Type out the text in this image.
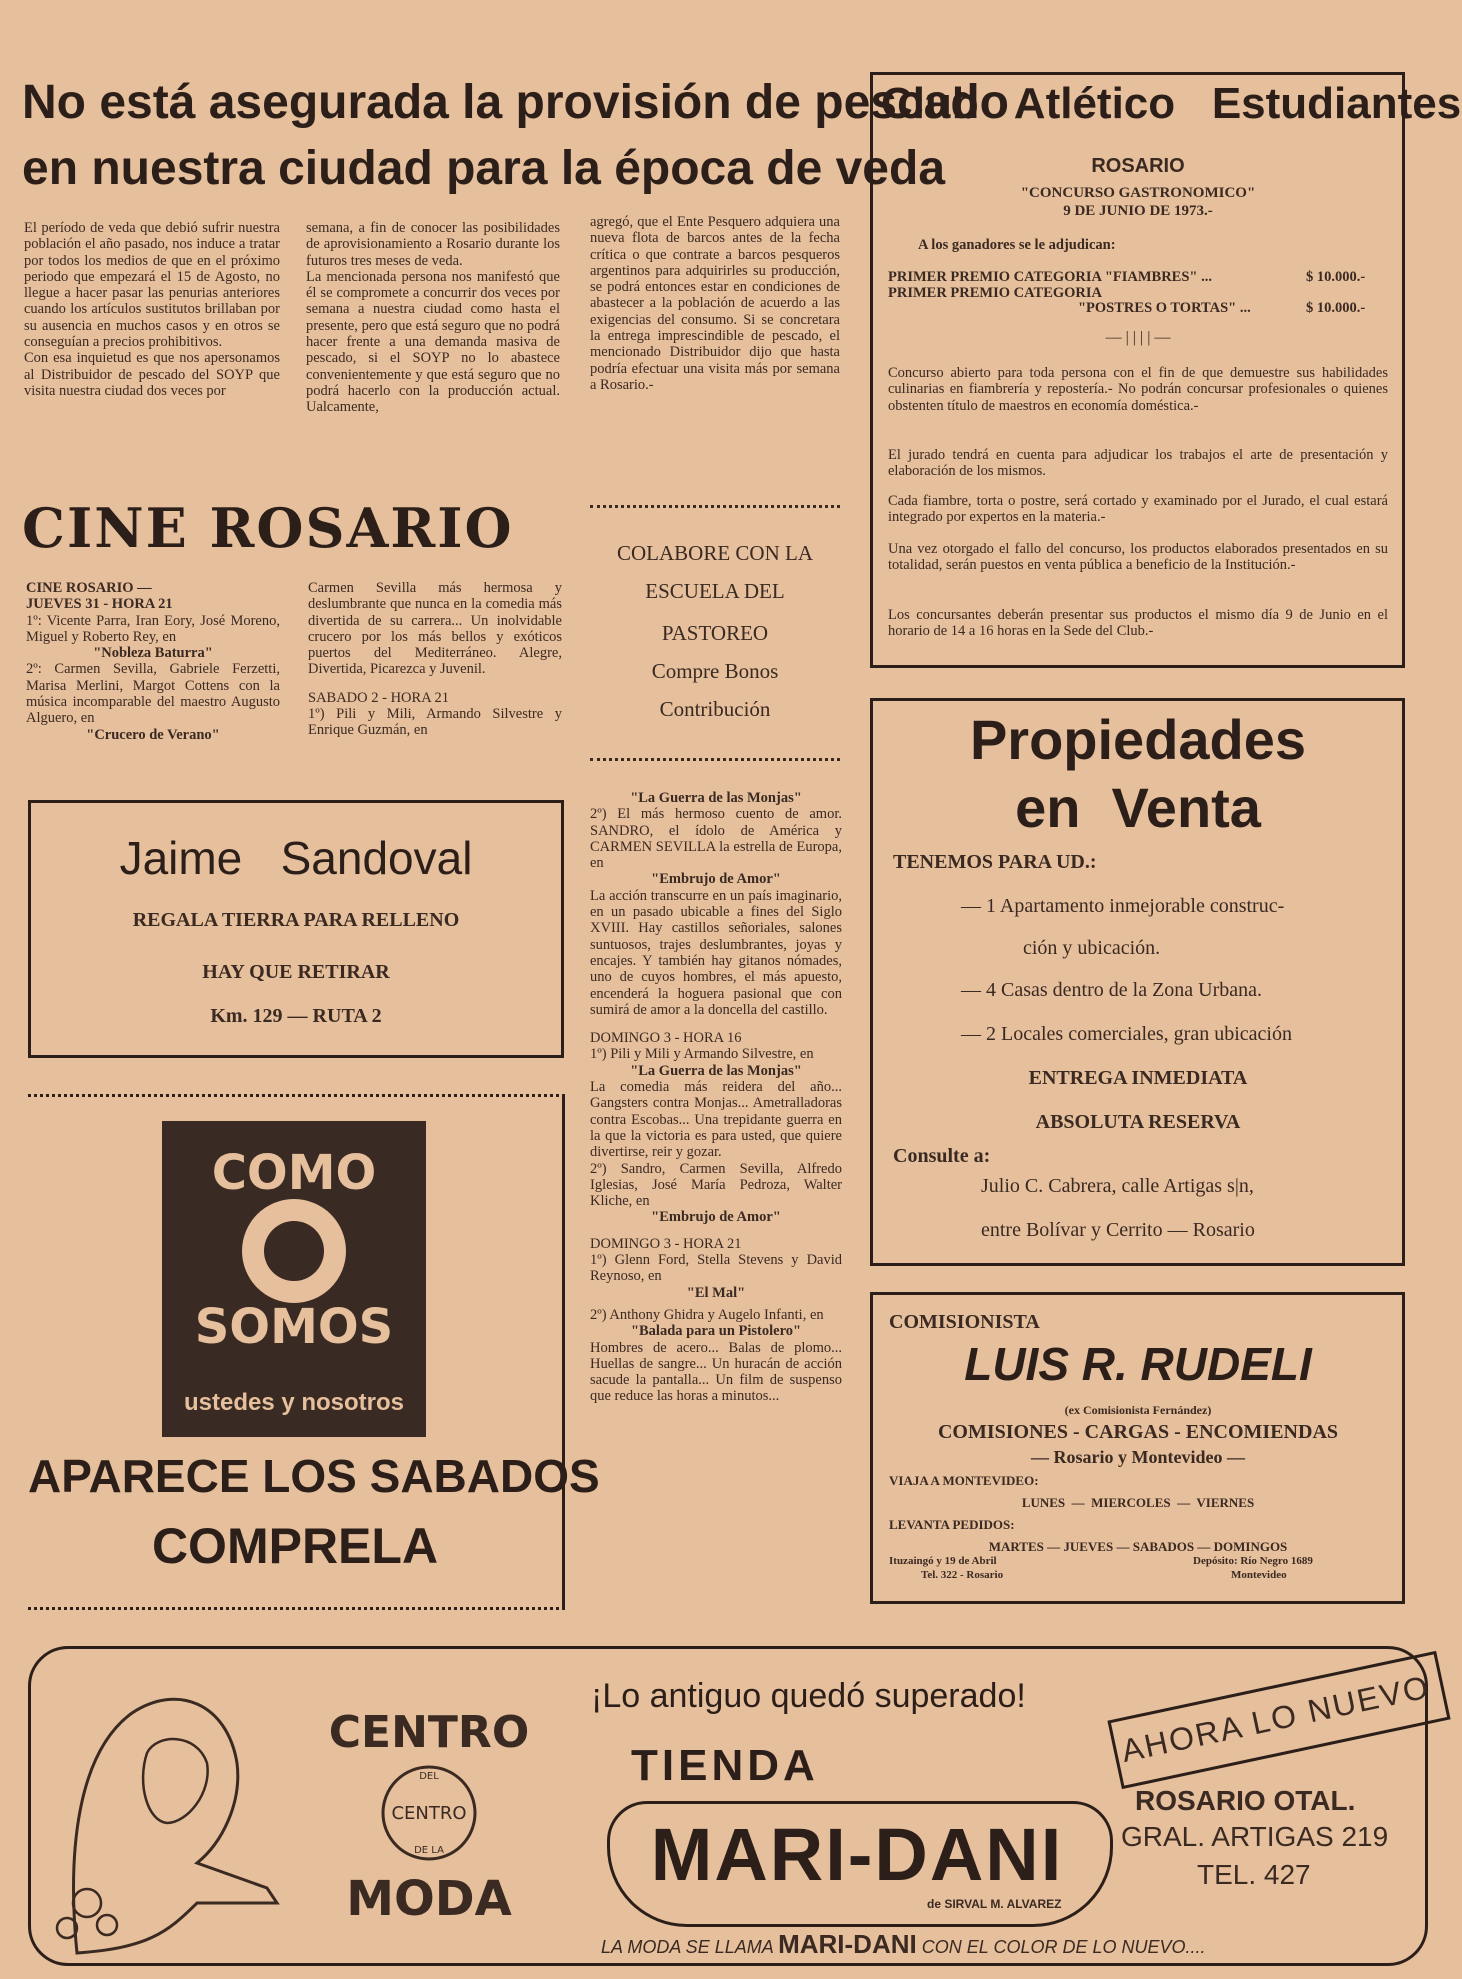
No está asegurada la provisión de pescado
en nuestra ciudad para la época de veda

El período de veda que debió sufrir nuestra población el año pasado, nos induce a tratar por todos los medios de que en el próximo periodo que empezará el 15 de Agosto, no llegue a hacer pasar las penurias anteriores cuando los artículos sustitutos brillaban por su ausencia en muchos casos y en otros se conseguían a precios prohibitivos.
Con esa inquietud es que nos apersonamos al Distribuidor de pescado del SOYP que visita nuestra ciudad dos veces por

semana, a fin de conocer las posibilidades de aprovisionamiento a Rosario durante los futuros tres meses de veda.
La mencionada persona nos manifestó que él se compromete a concurrir dos veces por semana a nuestra ciudad como hasta el presente, pero que está seguro que no podrá hacer frente a una demanda masiva de pescado, si el SOYP no lo abastece convenientemente y que está seguro que no podrá hacerlo con la producción actual. Ualcamente,

agregó, que el Ente Pesquero adquiera una nueva flota de barcos antes de la fecha crítica o que contrate a barcos pesqueros argentinos para adquirirles su producción, se podrá entonces estar en condiciones de abastecer a la población de acuerdo a las exigencias del consumo. Si se concretara la entrega imprescindible de pescado, el mencionado Distribuidor dijo que hasta podría efectuar una visita más por semana a Rosario.-

Club   Atlético   Estudiantes
ROSARIO
"CONCURSO GASTRONOMICO"
9 DE JUNIO DE 1973.-
A los ganadores se le adjudican:
PRIMER PREMIO CATEGORIA "FIAMBRES" ...	$ 10.000.-
PRIMER PREMIO CATEGORIA
"POSTRES O TORTAS" ...	$ 10.000.-
— | | | | —

Concurso abierto para toda persona con el fin de que demuestre sus habilidades culinarias en fiambrería y repostería.- No podrán concursar profesionales o quienes obstenten título de maestros en economía doméstica.-

El jurado tendrá en cuenta para adjudicar los trabajos el arte de presentación y elaboración de los mismos.

Cada fiambre, torta o postre, será cortado y examinado por el Jurado, el cual estará integrado por expertos en la materia.-

Una vez otorgado el fallo del concurso, los productos elaborados presentados en su totalidad, serán puestos en venta pública a beneficio de la Institución.-

Los concursantes deberán presentar sus productos el mismo día 9 de Junio en el horario de 14 a 16 horas en la Sede del Club.-

CINE ROSARIO
CINE ROSARIO —
JUEVES 31 - HORA 21

1º: Vicente Parra, Iran Eory, José Moreno, Miguel y Roberto Rey, en

"Nobleza Baturra"

2º: Carmen Sevilla, Gabriele Ferzetti, Marisa Merlini, Margot Cottens con la música incomparable del maestro Augusto Alguero, en

"Crucero de Verano"

Carmen Sevilla más hermosa y deslumbrante que nunca en la comedia más divertida de su carrera... Un inolvidable crucero por los más bellos y exóticos puertos del Mediterráneo. Alegre, Divertida, Picarezca y Juvenil.

SABADO 2 - HORA 21

1º) Pili y Mili, Armando Silvestre y Enrique Guzmán, en

COLABORE CON LA
ESCUELA DEL
PASTOREO
Compre Bonos
Contribución
"La Guerra de las Monjas"

2º) El más hermoso cuento de amor. SANDRO, el ídolo de América y CARMEN SEVILLA la estrella de Europa, en

"Embrujo de Amor"

La acción transcurre en un país imaginario, en un pasado ubicable a fines del Siglo XVIII. Hay castillos señoriales, salones suntuosos, trajes deslumbrantes, joyas y encajes. Y también hay gitanos nómades, uno de cuyos hombres, el más apuesto, encenderá la hoguera pasional que con sumirá de amor a la doncella del castillo.

DOMINGO 3 - HORA 16

1º) Pili y Mili y Armando Silvestre, en

"La Guerra de las Monjas"

La comedia más reidera del año... Gangsters contra Monjas... Ametralladoras contra Escobas... Una trepidante guerra en la que la victoria es para usted, que quiere divertirse, reir y gozar.

2º) Sandro, Carmen Sevilla, Alfredo Iglesias, José María Pedroza, Walter Kliche, en

"Embrujo de Amor"
DOMINGO 3 - HORA 21

1º) Glenn Ford, Stella Stevens y David Reynoso, en

"El Mal"

2º) Anthony Ghidra y Augelo Infanti, en

"Balada para un Pistolero"

Hombres de acero... Balas de plomo... Huellas de sangre... Un huracán de acción sacude la pantalla... Un film de suspenso que reduce las horas a minutos...

Jaime   Sandoval
REGALA TIERRA PARA RELLENO
HAY QUE RETIRAR
Km. 129 — RUTA 2
COMO
SOMOS
ustedes y nosotros
APARECE LOS SABADOS
COMPRELA
Propiedades
en  Venta
TENEMOS PARA UD.:
— 1 Apartamento inmejorable construc-
ción y ubicación.
— 4 Casas dentro de la Zona Urbana.
— 2 Locales comerciales, gran ubicación
ENTREGA INMEDIATA
ABSOLUTA RESERVA
Consulte a:
Julio C. Cabrera, calle Artigas s|n,
entre Bolívar y Cerrito — Rosario
COMISIONISTA
LUIS R. RUDELI
(ex Comisionista Fernández)
COMISIONES - CARGAS - ENCOMIENDAS
— Rosario y Montevideo —
VIAJA A MONTEVIDEO:
LUNES  —  MIERCOLES  —  VIERNES
LEVANTA PEDIDOS:
MARTES — JUEVES — SABADOS — DOMINGOS
Ituzaingó y 19 de Abril
Tel. 322 - Rosario
Depósito: Río Negro 1689
Montevideo
CENTRO
MODA
DEL
CENTRO
DE LA
¡Lo antiguo quedó superado!
TIENDA
MARI-DANI
de SIRVAL M. ALVAREZ
AHORA LO NUEVO
ROSARIO OTAL.
GRAL. ARTIGAS 219
TEL. 427
LA MODA SE LLAMA MARI-DANI CON EL COLOR DE LO NUEVO....
